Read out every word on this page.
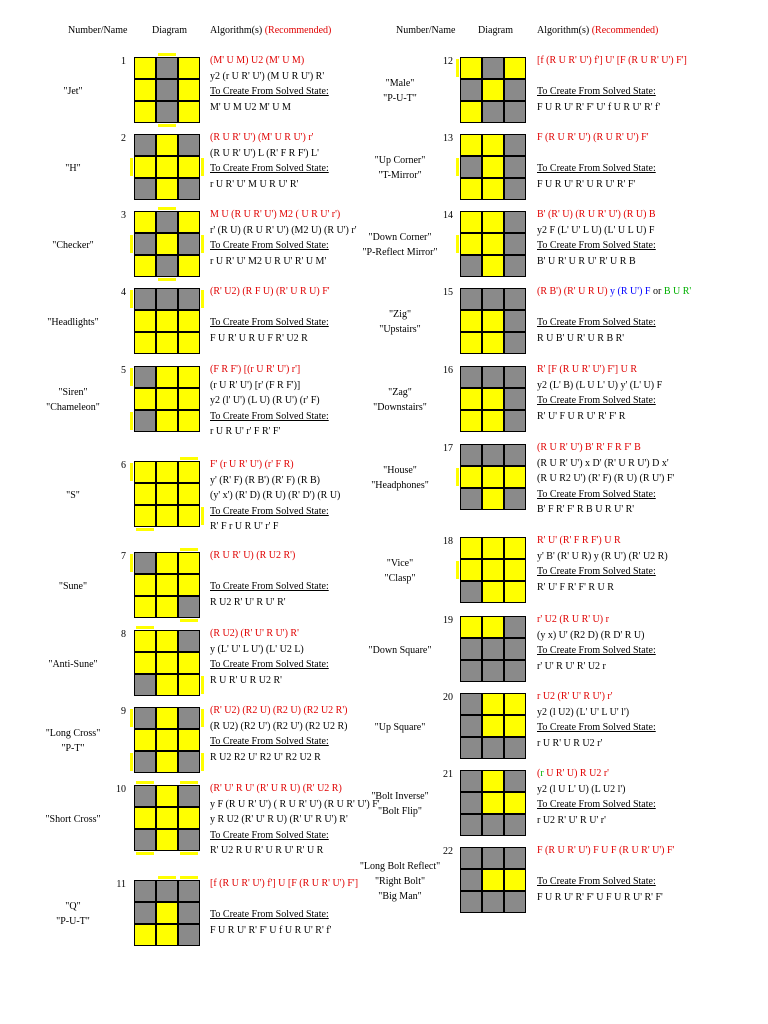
Number/Name Diagram Algorithm(s) (Recommended)	Number/Name Diagram Algorithm(s) (Recommended)
1
"Jet"
(M' U M) U2 (M' U M)
y2 (r U R' U') (M U R U') R'
To Create From Solved State:
M' U M U2 M' U M
2
"H"
(R U R' U') (M' U R U') r'
(R U R' U') L (R' F R F') L'
To Create From Solved State:
r U R' U' M U R U' R'
3
"Checker"
M U (R U R' U') M2 ( U R U' r')
r' (R U) (R U R' U') (M2 U) (R U') r'
To Create From Solved State:
r U R' U' M2 U R U' R' U M'
4
"Headlights"
(R' U2) (R F U) (R' U R U) F'

To Create From Solved State:
F U R' U R U F R' U2 R
5
"Siren"
"Chameleon"
(F R F') [(r U R' U') r']
(r U R' U') [r' (F R F')]
y2 (l' U') (L U) (R U') (r' F)
To Create From Solved State:
r U R U' r' F R' F'
6
"S"
F' (r U R' U') (r' F R)
y' (R' F) (R B') (R' F) (R B)
(y' x') (R' D) (R U) (R' D') (R U)
To Create From Solved State:
R' F r U R U' r' F
7
"Sune"
(R U R' U) (R U2 R')

To Create From Solved State:
R U2 R' U' R U' R'
8
"Anti-Sune"
(R U2) (R' U' R U') R'
y (L' U' L U') (L' U2 L)
To Create From Solved State:
R U R' U R U2 R'
9
"Long Cross"
"P-T"
(R' U2) (R2 U) (R2 U) (R2 U2 R')
(R U2) (R2 U') (R2 U') (R2 U2 R)
To Create From Solved State:
R U2 R2 U' R2 U' R2 U2 R
10
"Short Cross"
(R' U' R U' (R' U R U) (R' U2 R)
y F (R U R' U') ( R U R' U') (R U R' U') F'
y R U2 (R' U' R U) (R' U' R U') R'
To Create From Solved State:
R' U2 R U R' U R U' R' U R
11
"Q"
"P-U-T"
[f (R U R' U') f'] U [F (R U R' U') F']

To Create From Solved State:
F U R U' R' F' U f U R U' R' f'
12
"Male"
"P-U-T"
[f (R U R' U') f'] U' [F (R U R' U') F']

To Create From Solved State:
F U R U' R' F' U' f U R U' R' f'
13
"Up Corner"
"T-Mirror"
F (R U R' U') (R U R' U') F'

To Create From Solved State:
F U R U' R' U R U' R' F'
14
"Down Corner"
"P-Reflect Mirror"
B' (R' U) (R U R' U') (R U) B
y2 F (L' U' L U) (L' U L U) F
To Create From Solved State:
B' U R' U R U' R' U R B
15
"Zig"
"Upstairs"
(R B') (R' U R U) y (R U') F or B U R'

To Create From Solved State:
R U B' U R' U R B R'
16
"Zag"
"Downstairs"
R' [F (R U R' U') F'] U R
y2 (L' B) (L U L' U) y' (L' U) F
To Create From Solved State:
R' U' F U R U' R' F' R
17
"House"
"Headphones"
(R U R' U') B' R' F R F' B
(R U R' U') x D' (R' U R U') D x'
(R U R2 U') (R' F) (R U) (R U') F'
To Create From Solved State:
B' F R' F' R B U R U' R'
18
"Vice"
"Clasp"
R' U' (R' F R F') U R
y' B' (R' U R) y (R U') (R' U2 R)
To Create From Solved State:
R' U' F R' F' R U R
19
"Down Square"
r' U2 (R U R' U) r
(y x) U' (R2 D) (R D' R U)
To Create From Solved State:
r' U' R U' R' U2 r
20
"Up Square"
r U2 (R' U' R U') r'
y2 (l U2) (L' U' L U' l')
To Create From Solved State:
r U R' U R U2 r'
21
"Bolt Inverse"
"Bolt Flip"
(r U R' U) R U2 r'
y2 (l U L' U) (L U2 l')
To Create From Solved State:
r U2 R' U' R U' r'
22
"Long Bolt Reflect"
"Right Bolt"
"Big Man"
F (R U R' U') F U F (R U R' U') F'

To Create From Solved State:
F U R U' R' F' U F U R U' R' F'
